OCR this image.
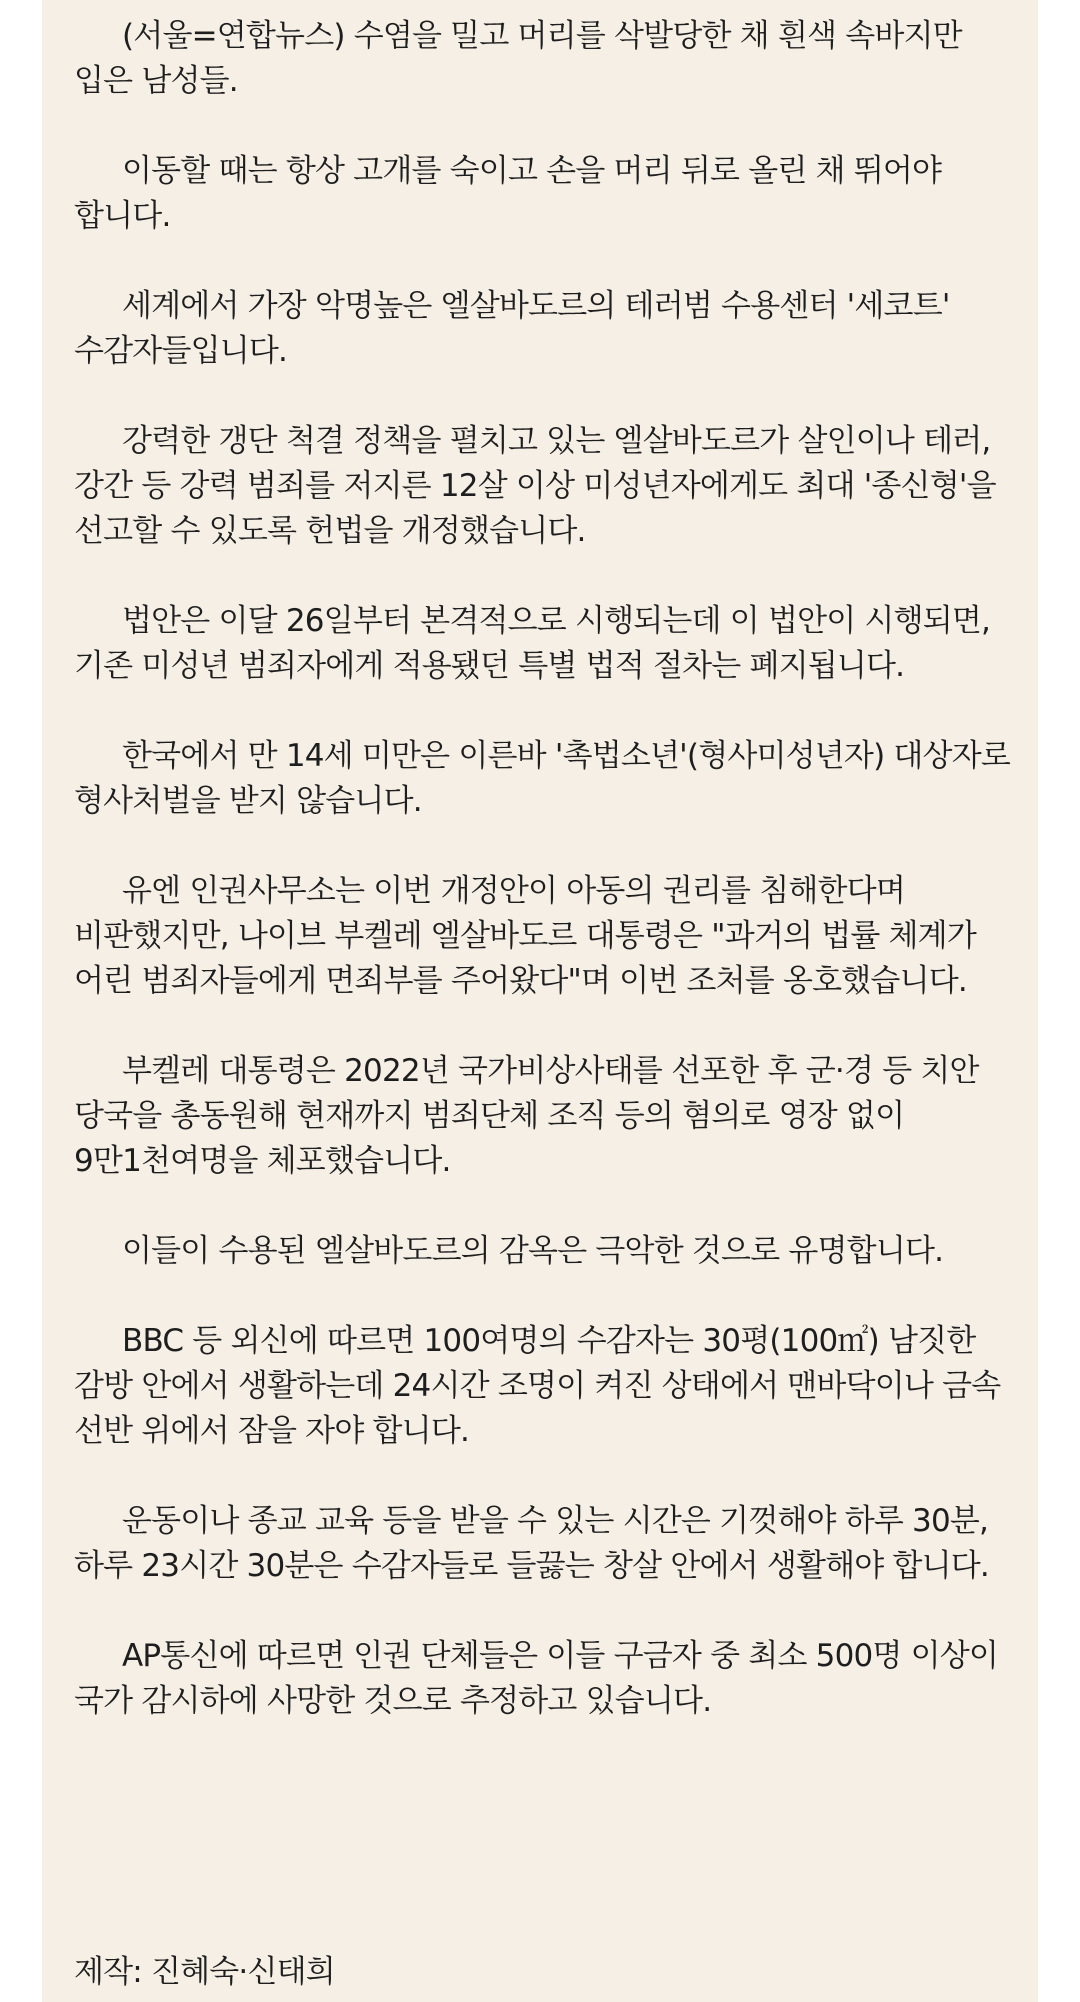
(서울=연합뉴스) 수염을 밀고 머리를 삭발당한 채 흰색 속바지만 입은 남성들.

이동할 때는 항상 고개를 숙이고 손을 머리 뒤로 올린 채 뛰어야 합니다.

세계에서 가장 악명높은 엘살바도르의 테러범 수용센터 '세코트' 수감자들입니다.

강력한 갱단 척결 정책을 펼치고 있는 엘살바도르가 살인이나 테러, 강간 등 강력 범죄를 저지른 12살 이상 미성년자에게도 최대 '종신형'을 선고할 수 있도록 헌법을 개정했습니다.

법안은 이달 26일부터 본격적으로 시행되는데 이 법안이 시행되면, 기존 미성년 범죄자에게 적용됐던 특별 법적 절차는 폐지됩니다.

한국에서 만 14세 미만은 이른바 '촉법소년'(형사미성년자) 대상자로 형사처벌을 받지 않습니다.

유엔 인권사무소는 이번 개정안이 아동의 권리를 침해한다며 비판했지만, 나이브 부켈레 엘살바도르 대통령은 "과거의 법률 체계가 어린 범죄자들에게 면죄부를 주어왔다"며 이번 조처를 옹호했습니다.

부켈레 대통령은 2022년 국가비상사태를 선포한 후 군·경 등 치안 당국을 총동원해 현재까지 범죄단체 조직 등의 혐의로 영장 없이 9만1천여명을 체포했습니다.

이들이 수용된 엘살바도르의 감옥은 극악한 것으로 유명합니다.

BBC 등 외신에 따르면 100여명의 수감자는 30평(100㎡) 남짓한 감방 안에서 생활하는데 24시간 조명이 켜진 상태에서 맨바닥이나 금속 선반 위에서 잠을 자야 합니다.

운동이나 종교 교육 등을 받을 수 있는 시간은 기껏해야 하루 30분, 하루 23시간 30분은 수감자들로 들끓는 창살 안에서 생활해야 합니다.

AP통신에 따르면 인권 단체들은 이들 구금자 중 최소 500명 이상이 국가 감시하에 사망한 것으로 추정하고 있습니다.

제작: 진혜숙·신태희
